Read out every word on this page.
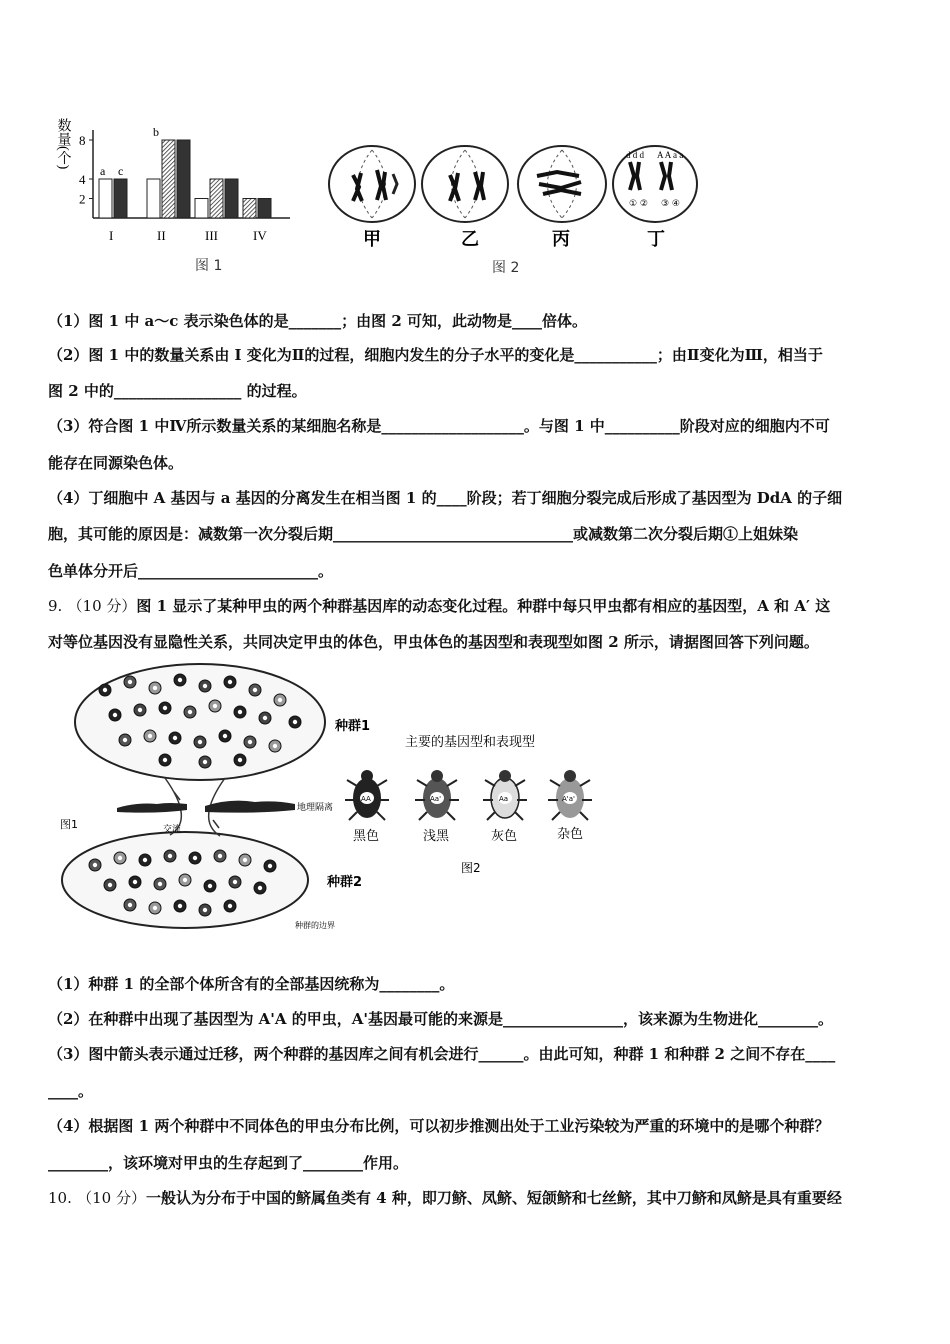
数量(个) 8
4
2
I	II	III	IV
a c
b
图 1
d d d A A a a
① ② ③ ④
甲	乙	丙	丁
图 2
（1）图 1 中 a～c 表示染色体的是_______；由图 2 可知，此动物是____倍体。
（2）图 1 中的数量关系由 I 变化为Ⅱ的过程，细胞内发生的分子水平的变化是___________；由Ⅱ变化为Ⅲ，相当于
图 2 中的_________________ 的过程。
（3）符合图 1 中Ⅳ所示数量关系的某细胞名称是___________________。与图 1 中__________阶段对应的细胞内不可
能存在同源染色体。
（4）丁细胞中 A 基因与 a 基因的分离发生在相当图 1 的____阶段；若丁细胞分裂完成后形成了基因型为 DdA 的子细
胞，其可能的原因是：减数第一次分裂后期________________________________或减数第二次分裂后期①上姐妹染
色单体分开后________________________。
9. （10 分）图 1 显示了某种甲虫的两个种群基因库的动态变化过程。种群中每只甲虫都有相应的基因型，A 和 A′ 这
对等位基因没有显隐性关系，共同决定甲虫的体色，甲虫体色的基因型和表现型如图 2 所示，请据图回答下列问题。
种群1
种群2
地理隔离
交流
种群的边界
图1
主要的基因型和表现型
AA	Aa'	Aa	A'a'
黑色	浅黑	灰色	杂色
图2
（1）种群 1 的全部个体所含有的全部基因统称为________。
（2）在种群中出现了基因型为 A'A 的甲虫，A'基因最可能的来源是________________，该来源为生物进化________。
（3）图中箭头表示通过迁移，两个种群的基因库之间有机会进行______。由此可知，种群 1 和种群 2 之间不存在____
____。
（4）根据图 1 两个种群中不同体色的甲虫分布比例，可以初步推测出处于工业污染较为严重的环境中的是哪个种群？
________，该环境对甲虫的生存起到了________作用。
10. （10 分）一般认为分布于中国的鲚属鱼类有 4 种，即刀鲚、凤鲚、短颌鲚和七丝鲚，其中刀鲚和凤鲚是具有重要经
